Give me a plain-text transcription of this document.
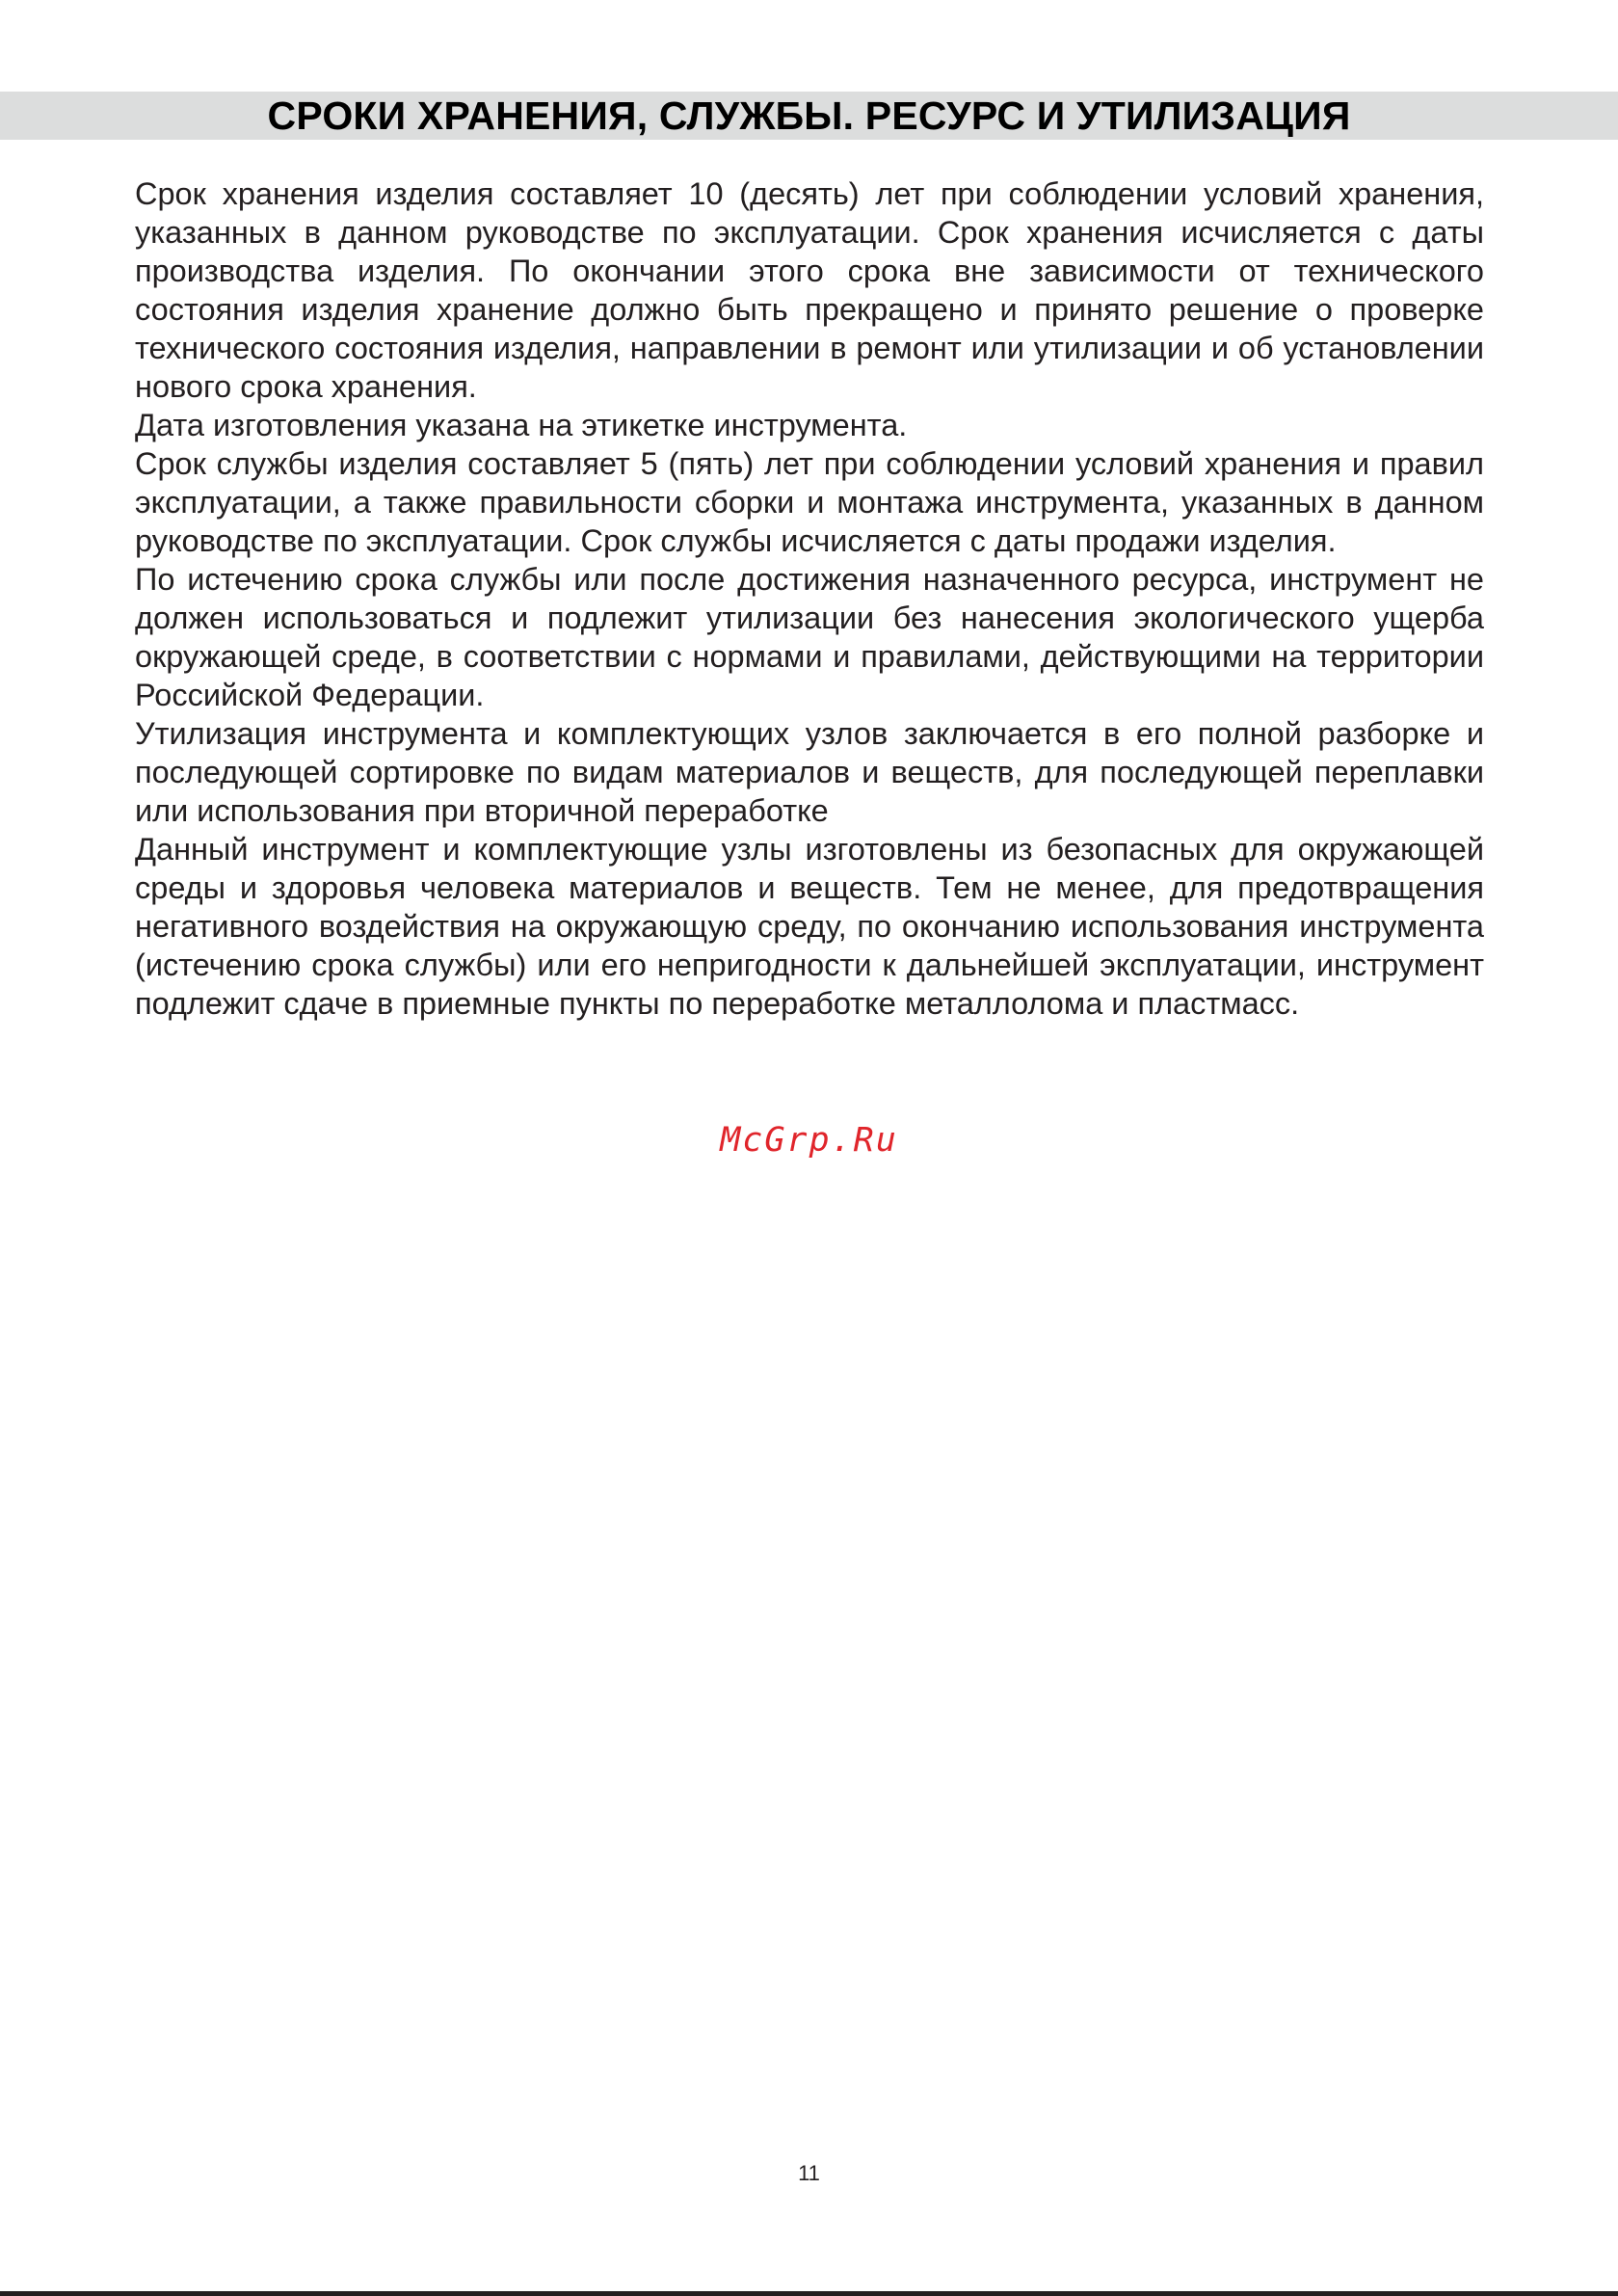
СРОКИ ХРАНЕНИЯ, СЛУЖБЫ. РЕСУРС И УТИЛИЗАЦИЯ

Срок хранения изделия составляет 10 (десять) лет при соблюдении условий хранения, указанных в данном руководстве по эксплуатации. Срок хранения исчисляется с даты производства изделия. По окончании этого срока вне зависимости от технического состояния изделия хранение должно быть прекращено и принято решение о проверке технического состояния изделия, направлении в ремонт или утилизации и об установлении нового срока хранения.

Дата изготовления указана на этикетке инструмента.

Срок службы изделия составляет 5 (пять) лет при соблюдении условий хранения и правил эксплуатации, а также правильности сборки и монтажа инструмента, указанных в данном руководстве по эксплуатации. Срок службы исчисляется с даты продажи изделия.

По истечению срока службы или после достижения назначенного ресурса, инструмент не должен использоваться и подлежит утилизации без нанесения экологического ущерба окружающей среде, в соответствии с нормами и правилами, действующими на территории Российской Федерации.

Утилизация инструмента и комплектующих узлов заключается в его полной разборке и последующей сортировке по видам материалов и веществ, для последующей переплавки или использования при вторичной переработке

Данный инструмент и комплектующие узлы изготовлены из безопасных для окружающей среды и здоровья человека материалов и веществ. Тем не менее, для предотвращения негативного воздействия на окружающую среду, по окончанию использования инструмента (истечению срока службы) или его непригодности к дальнейшей эксплуатации, инструмент подлежит сдаче в приемные пункты по переработке металлолома и пластмасс.

McGrp.Ru
11
